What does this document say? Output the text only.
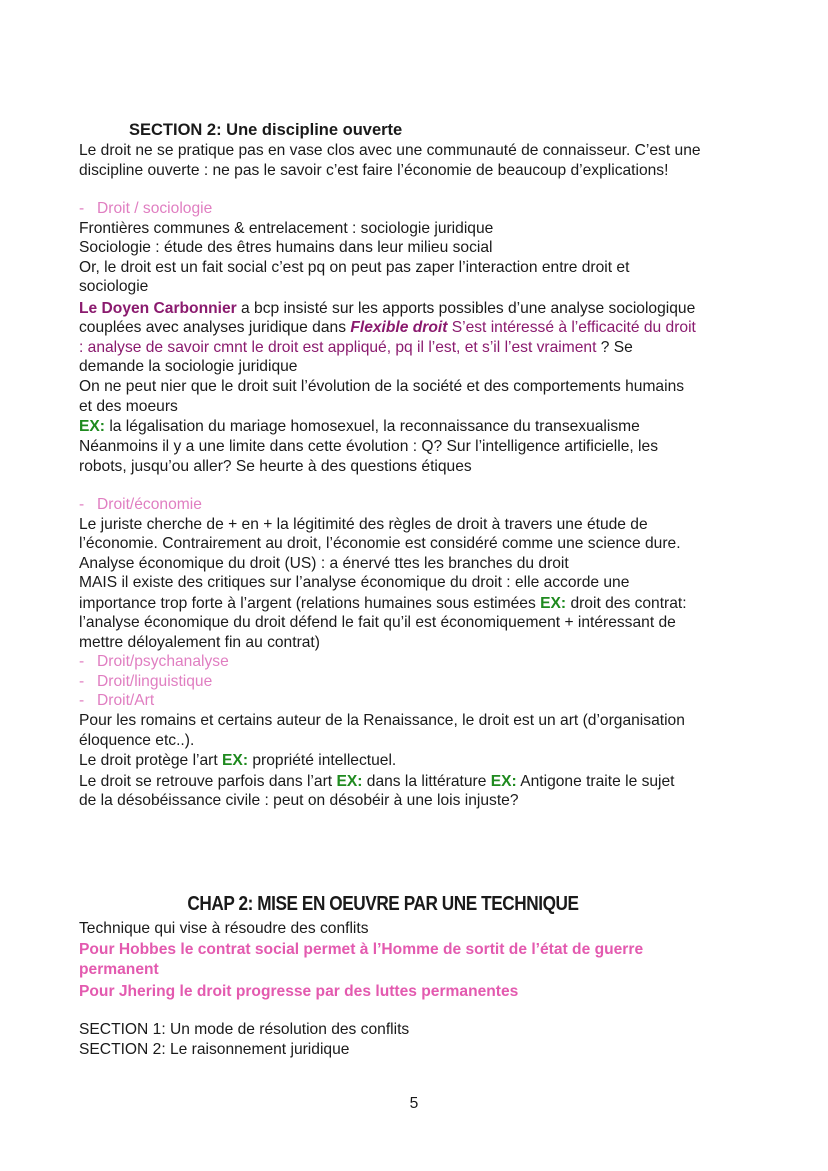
SECTION 2: Une discipline ouverte
Le droit ne se pratique pas en vase clos avec une communauté de connaisseur. C’est une
discipline ouverte : ne pas le savoir c’est faire l’économie de beaucoup d’explications!
- Droit / sociologie
Frontières communes & entrelacement : sociologie juridique
Sociologie : étude des êtres humains dans leur milieu social
Or, le droit est un fait social c’est pq on peut pas zaper l’interaction entre droit et
sociologie
Le Doyen Carbonnier a bcp insisté sur les apports possibles d’une analyse sociologique
couplées avec analyses juridique dans Flexible droit S’est intéressé à l’efficacité du droit
: analyse de savoir cmnt le droit est appliqué, pq il l’est, et s’il l’est vraiment ? Se
demande la sociologie juridique
On ne peut nier que le droit suit l’évolution de la société et des comportements humains
et des moeurs
EX: la légalisation du mariage homosexuel, la reconnaissance du transexualisme
Néanmoins il y a une limite dans cette évolution : Q? Sur l’intelligence artificielle, les
robots, jusqu’ou aller? Se heurte à des questions étiques
- Droit/économie
Le juriste cherche de + en + la légitimité des règles de droit à travers une étude de
l’économie. Contrairement au droit, l’économie est considéré comme une science dure.
Analyse économique du droit (US) : a énervé ttes les branches du droit
MAIS il existe des critiques sur l’analyse économique du droit : elle accorde une
importance trop forte à l’argent (relations humaines sous estimées EX: droit des contrat:
l’analyse économique du droit défend le fait qu’il est économiquement + intéressant de
mettre déloyalement fin au contrat)
- Droit/psychanalyse
- Droit/linguistique
- Droit/Art
Pour les romains et certains auteur de la Renaissance, le droit est un art (d’organisation
éloquence etc..).
Le droit protège l’art EX: propriété intellectuel.
Le droit se retrouve parfois dans l’art EX: dans la littérature EX: Antigone traite le sujet
de la désobéissance civile : peut on désobéir à une lois injuste?
CHAP 2: MISE EN OEUVRE PAR UNE TECHNIQUE
Technique qui vise à résoudre des conflits
Pour Hobbes le contrat social permet à l’Homme de sortit de l’état de guerre
permanent
Pour Jhering le droit progresse par des luttes permanentes
SECTION 1: Un mode de résolution des conflits
SECTION 2: Le raisonnement juridique
5
